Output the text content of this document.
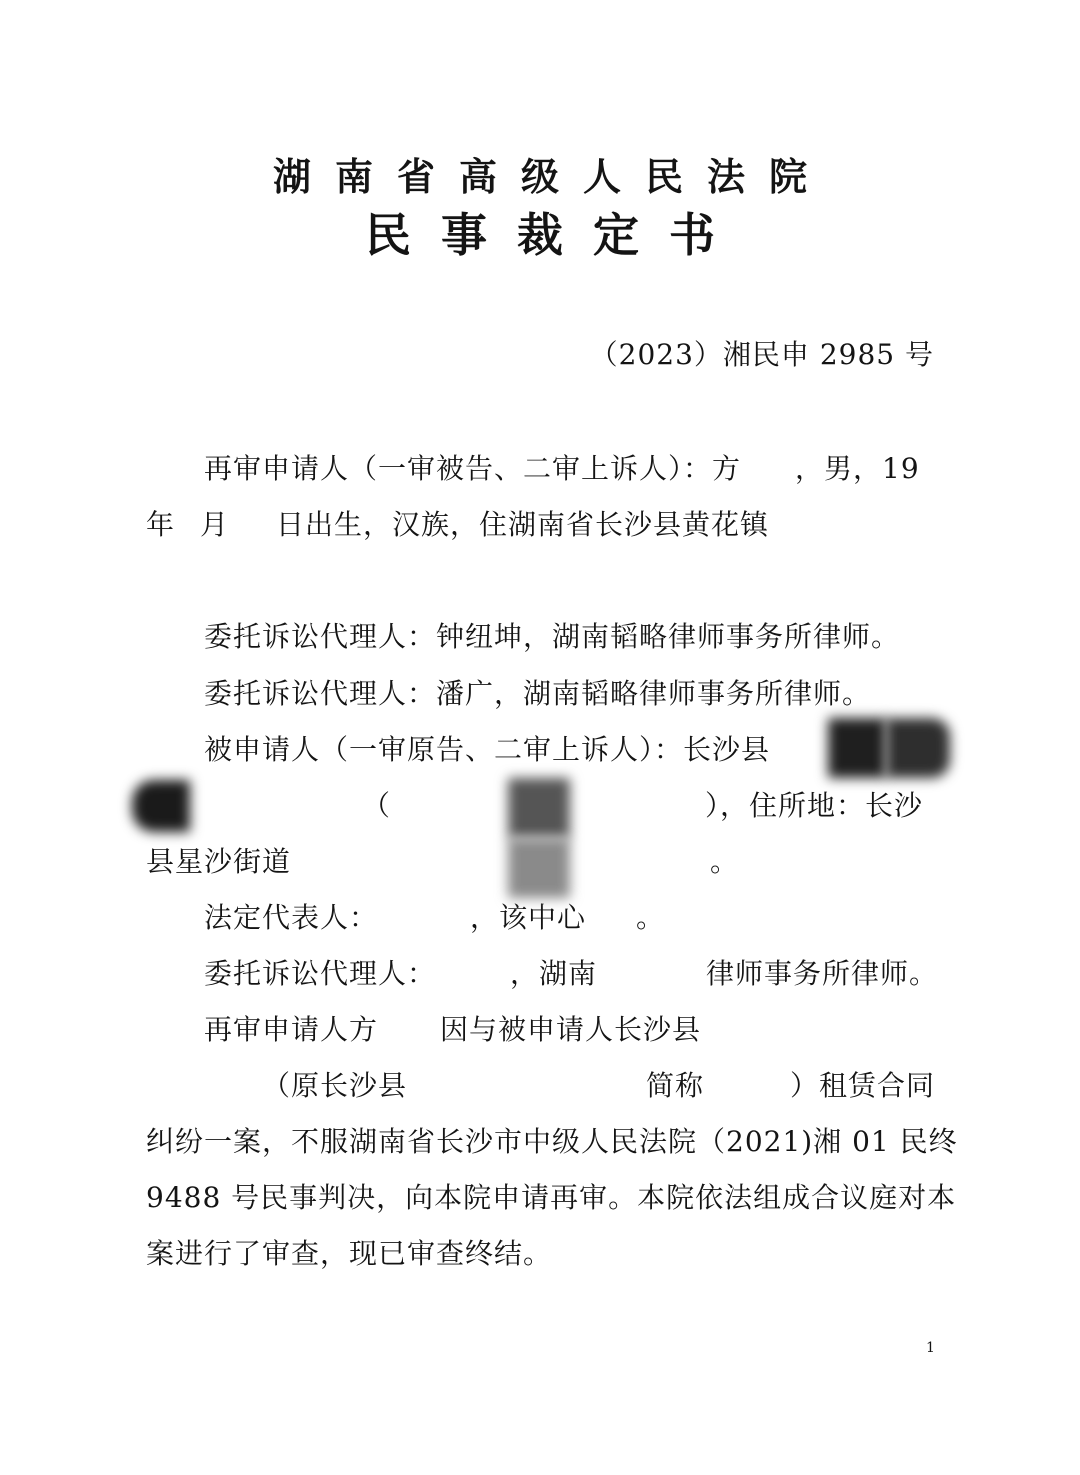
湖南省高级人民法院
民事裁定书
（2023）湘民申 2985 号
再审申请人（一审被告、二审上诉人）：方 ，男，19
年 月 日出生，汉族，住湖南省长沙县黄花镇
委托诉讼代理人：钟纽坤，湖南韬略律师事务所律师。
委托诉讼代理人：潘广，湖南韬略律师事务所律师。
被申请人（一审原告、二审上诉人）：长沙县
（	），住所地：长沙
县星沙街道	。
法定代表人：	，该中心 。
委托诉讼代理人：	，湖南	律师事务所律师。
再审申请人方 因与被申请人长沙县
（原长沙县	简称	）租赁合同
纠纷一案，不服湖南省长沙市中级人民法院（2021)湘 01 民终
9488 号民事判决，向本院申请再审。本院依法组成合议庭对本
案进行了审查，现已审查终结。
1
